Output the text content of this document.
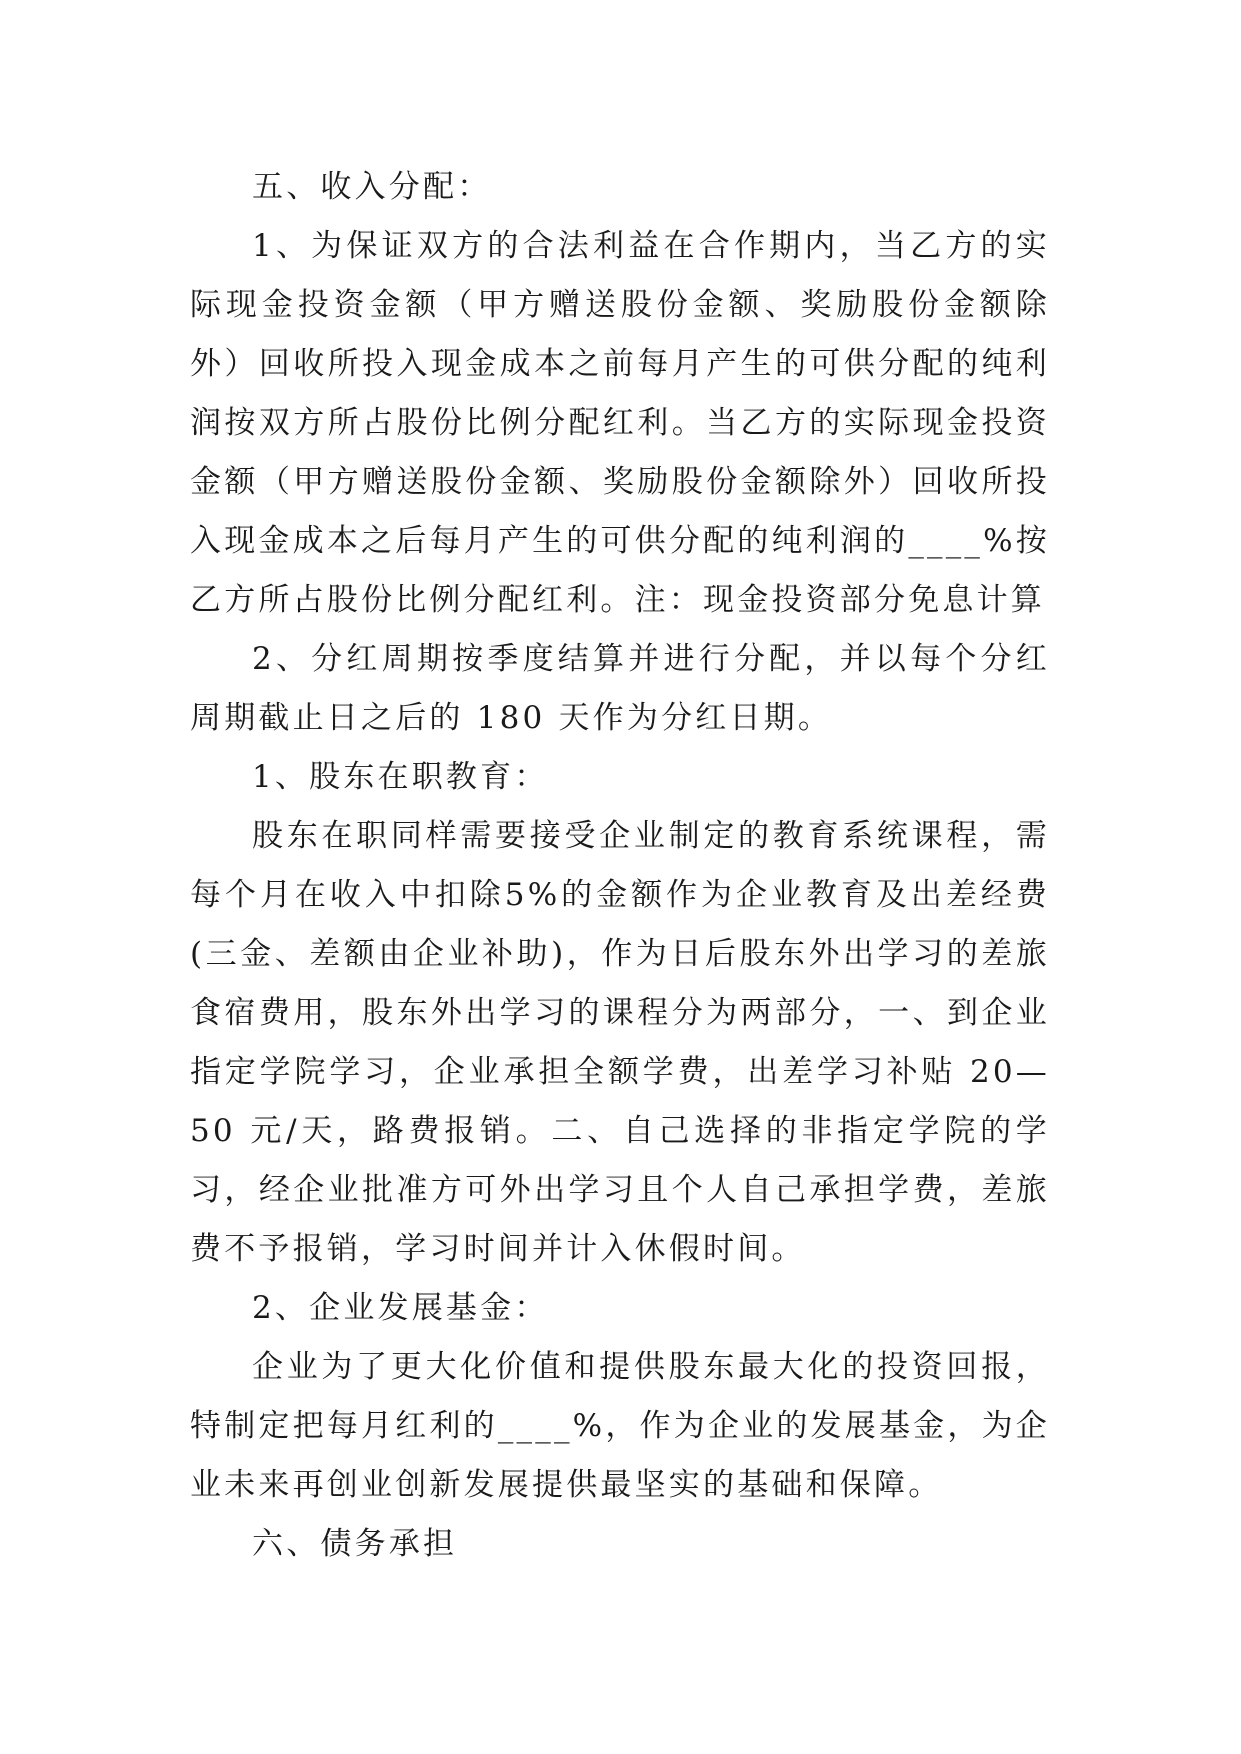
五、收入分配：

1、为保证双方的合法利益在合作期内，当乙方的实际现金投资金额（甲方赠送股份金额、奖励股份金额除外）回收所投入现金成本之前每月产生的可供分配的纯利润按双方所占股份比例分配红利。当乙方的实际现金投资金额（甲方赠送股份金额、奖励股份金额除外）回收所投入现金成本之后每月产生的可供分配的纯利润的____%按乙方所占股份比例分配红利。注：现金投资部分免息计算

2、分红周期按季度结算并进行分配，并以每个分红周期截止日之后的 180 天作为分红日期。

1、股东在职教育：

股东在职同样需要接受企业制定的教育系统课程，需每个月在收入中扣除5%的金额作为企业教育及出差经费(三金、差额由企业补助)，作为日后股东外出学习的差旅食宿费用，股东外出学习的课程分为两部分，一、到企业指定学院学习，企业承担全额学费，出差学习补贴 20—50 元/天，路费报销。二、自己选择的非指定学院的学习，经企业批准方可外出学习且个人自己承担学费，差旅费不予报销，学习时间并计入休假时间。

2、企业发展基金：

企业为了更大化价值和提供股东最大化的投资回报，特制定把每月红利的____%，作为企业的发展基金，为企业未来再创业创新发展提供最坚实的基础和保障。

六、债务承担
